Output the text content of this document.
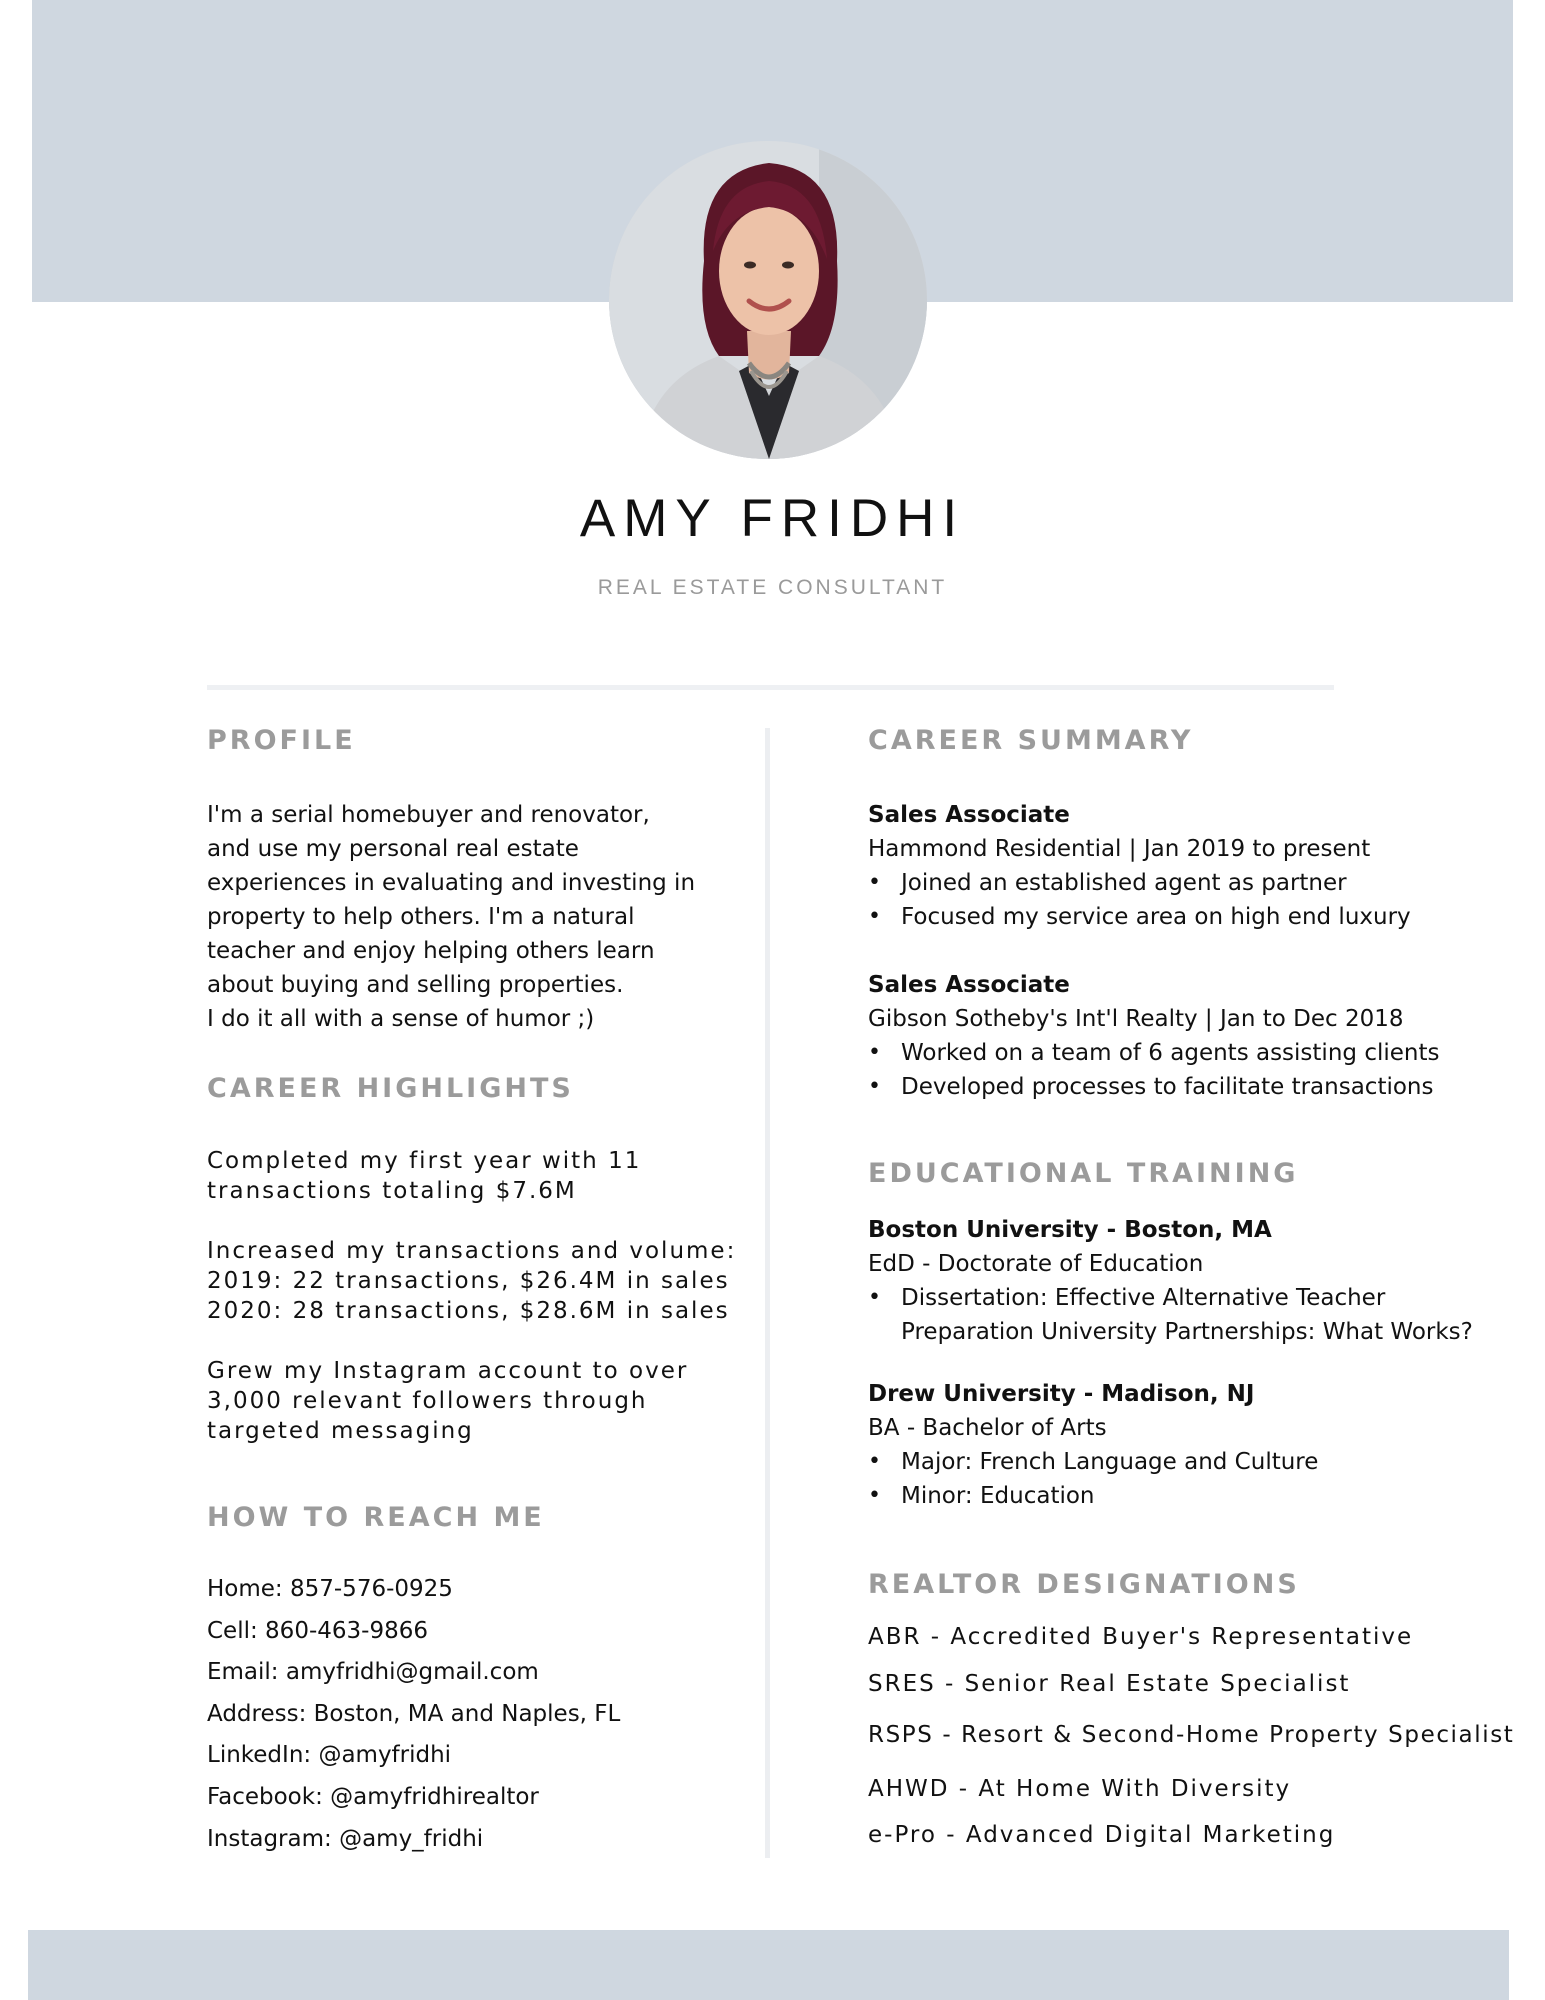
AMY FRIDHI
REAL ESTATE CONSULTANT
PROFILE

I'm a serial homebuyer and renovator,

and use my personal real estate

experiences in evaluating and investing in

property to help others. I'm a natural

teacher and enjoy helping others learn

about buying and selling properties.

I do it all with a sense of humor ;)

CAREER HIGHLIGHTS

Completed my first year with 11

transactions totaling $7.6M

Increased my transactions and volume:

2019: 22 transactions, $26.4M in sales

2020: 28 transactions, $28.6M in sales

Grew my Instagram account to over

3,000 relevant followers through

targeted messaging

HOW TO REACH ME

Home: 857-576-0925

Cell: 860-463-9866

Email: amyfridhi@gmail.com

Address: Boston, MA and Naples, FL

LinkedIn: @amyfridhi

Facebook: @amyfridhirealtor

Instagram: @amy_fridhi

CAREER SUMMARY

Sales Associate

Hammond Residential | Jan 2019 to present

• Joined an established agent as partner
• Focused my service area on high end luxury

Sales Associate

Gibson Sotheby's Int'l Realty | Jan to Dec 2018

• Worked on a team of 6 agents assisting clients
• Developed processes to facilitate transactions
EDUCATIONAL TRAINING

Boston University - Boston, MA

EdD - Doctorate of Education

• Dissertation: Effective Alternative Teacher
Preparation University Partnerships: What Works?

Drew University - Madison, NJ

BA - Bachelor of Arts

• Major: French Language and Culture
• Minor: Education
REALTOR DESIGNATIONS

ABR - Accredited Buyer's Representative

SRES - Senior Real Estate Specialist

RSPS - Resort & Second-Home Property Specialist

AHWD - At Home With Diversity

e-Pro - Advanced Digital Marketing
